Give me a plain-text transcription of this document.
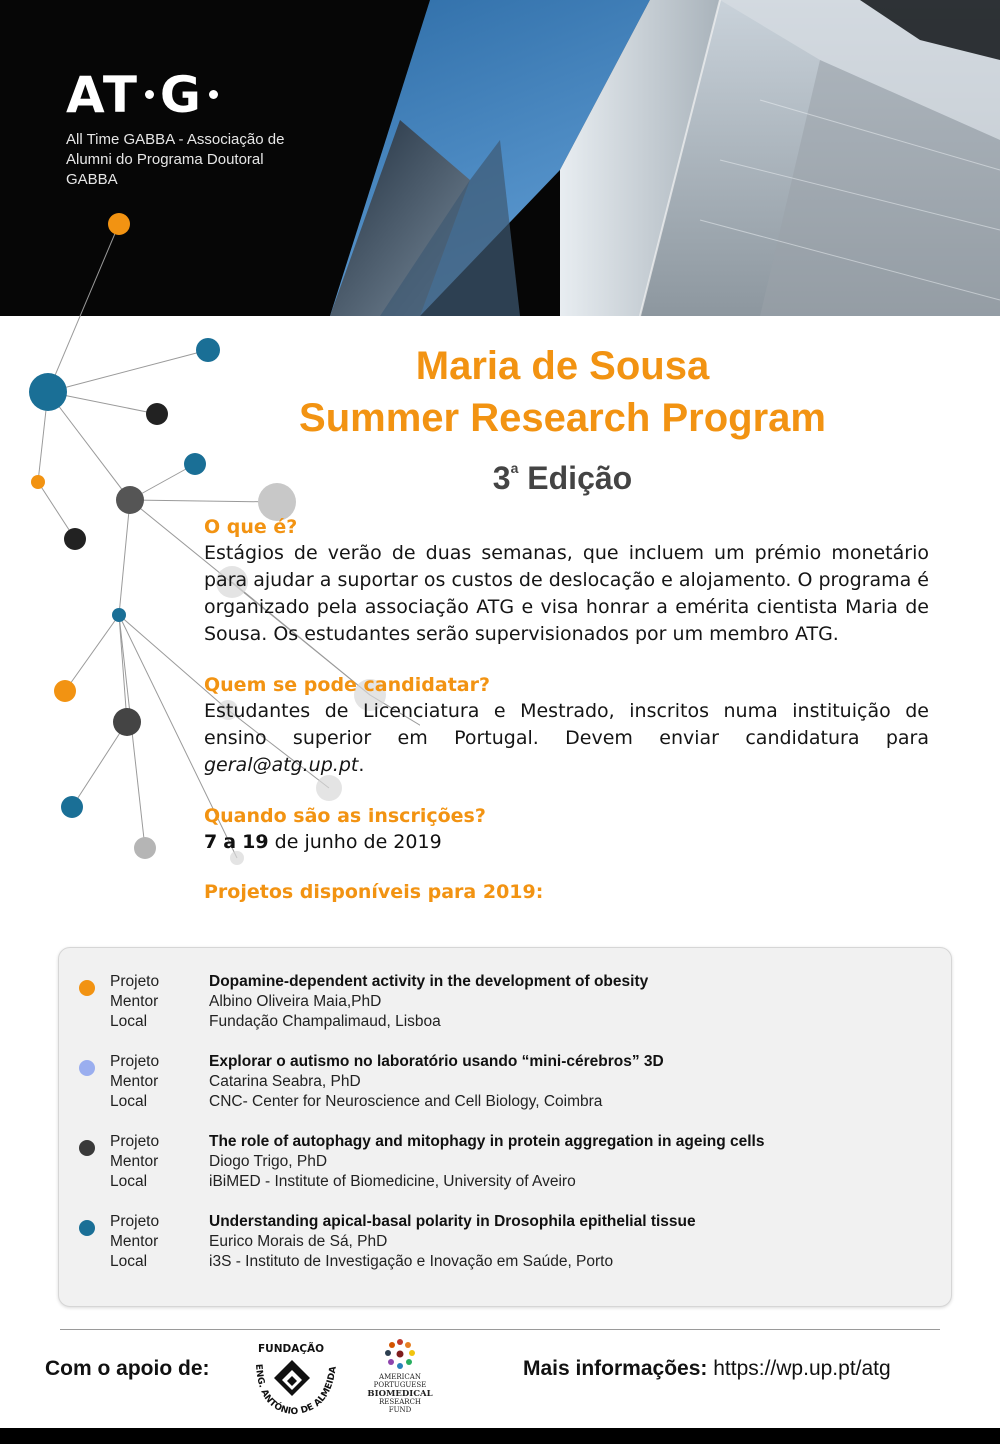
AT G
All Time GABBA - Associação de Alumni do Programa Doutoral GABBA
Maria de Sousa
Summer Research Program
3$^a$ Edição

O que é?

Estágios de verão de duas semanas, que incluem um prémio monetário para ajudar a suportar os custos de deslocação e alojamento. O programa é organizado pela associação ATG e visa honrar a emérita cientista Maria de Sousa. Os estudantes serão supervisionados por um membro ATG.

Quem se pode candidatar?

Estudantes de Licenciatura e Mestrado, inscritos numa instituição de ensino superior em Portugal. Devem enviar candidatura para geral@atg.up.pt.

Quando são as inscrições?

7 a 19 de junho de 2019

Projetos disponíveis para 2019:

Projeto
Mentor
Local
Dopamine-dependent activity in the development of obesity
Albino Oliveira Maia,PhD
Fundação Champalimaud, Lisboa
Projeto
Mentor
Local
Explorar o autismo no laboratório usando “mini-cérebros” 3D
Catarina Seabra, PhD
CNC- Center for Neuroscience and Cell Biology, Coimbra
Projeto
Mentor
Local
The role of autophagy and mitophagy in protein aggregation in ageing cells
Diogo Trigo, PhD
iBiMED - Institute of Biomedicine, University of Aveiro
Projeto
Mentor
Local
Understanding apical-basal polarity in Drosophila epithelial tissue
Eurico Morais de Sá, PhD
i3S - Instituto de Investigação e Inovação em Saúde, Porto
Com o apoio de:
FUNDAÇÃO
ENG. ANTÓNIO DE ALMEIDA
AMERICAN
PORTUGUESE
BIOMEDICAL
RESEARCH
FUND
Mais informações: https://wp.up.pt/atg
